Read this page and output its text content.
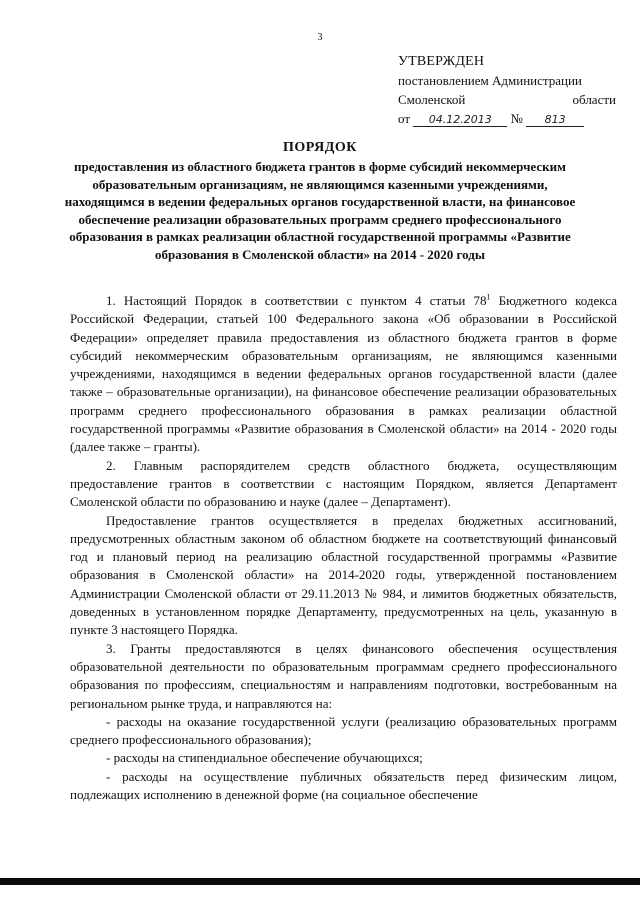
3
УТВЕРЖДЕН
постановлением Администрации
Смоленской	области
от 04.12.2013 № 813
ПОРЯДОК
предоставления из областного бюджета грантов в форме субсидий некоммерческим образовательным организациям, не являющимся казенными учреждениями, находящимся в ведении федеральных органов государственной власти, на финансовое обеспечение реализации образовательных программ среднего профессионального образования в рамках реализации областной государственной программы «Развитие образования в Смоленской области» на 2014 - 2020 годы

1. Настоящий Порядок в соответствии с пунктом 4 статьи $78^1$ Бюджетного кодекса Российской Федерации, статьей 100 Федерального закона «Об образовании в Российской Федерации» определяет правила предоставления из областного бюджета грантов в форме субсидий некоммерческим образовательным организациям, не являющимся казенными учреждениями, находящимся в ведении федеральных органов государственной власти (далее также – образовательные организации), на финансовое обеспечение реализации образовательных программ среднего профессионального образования в рамках реализации областной государственной программы «Развитие образования в Смоленской области» на 2014 - 2020 годы (далее также – гранты).

2. Главным распорядителем средств областного бюджета, осуществляющим предоставление грантов в соответствии с настоящим Порядком, является Департамент Смоленской области по образованию и науке (далее – Департамент).

Предоставление грантов осуществляется в пределах бюджетных ассигнований, предусмотренных областным законом об областном бюджете на соответствующий финансовый год и плановый период на реализацию областной государственной программы «Развитие образования в Смоленской области» на 2014-2020 годы, утвержденной постановлением Администрации Смоленской области от 29.11.2013 № 984, и лимитов бюджетных обязательств, доведенных в установленном порядке Департаменту, предусмотренных на цель, указанную в пункте 3 настоящего Порядка.

3. Гранты предоставляются в целях финансового обеспечения осуществления образовательной деятельности по образовательным программам среднего профессионального образования по профессиям, специальностям и направлениям подготовки, востребованным на региональном рынке труда, и направляются на:

- расходы на оказание государственной услуги (реализацию образовательных программ среднего профессионального образования);

- расходы на стипендиальное обеспечение обучающихся;

- расходы на осуществление публичных обязательств перед физическим лицом, подлежащих исполнению в денежной форме (на социальное обеспечение
